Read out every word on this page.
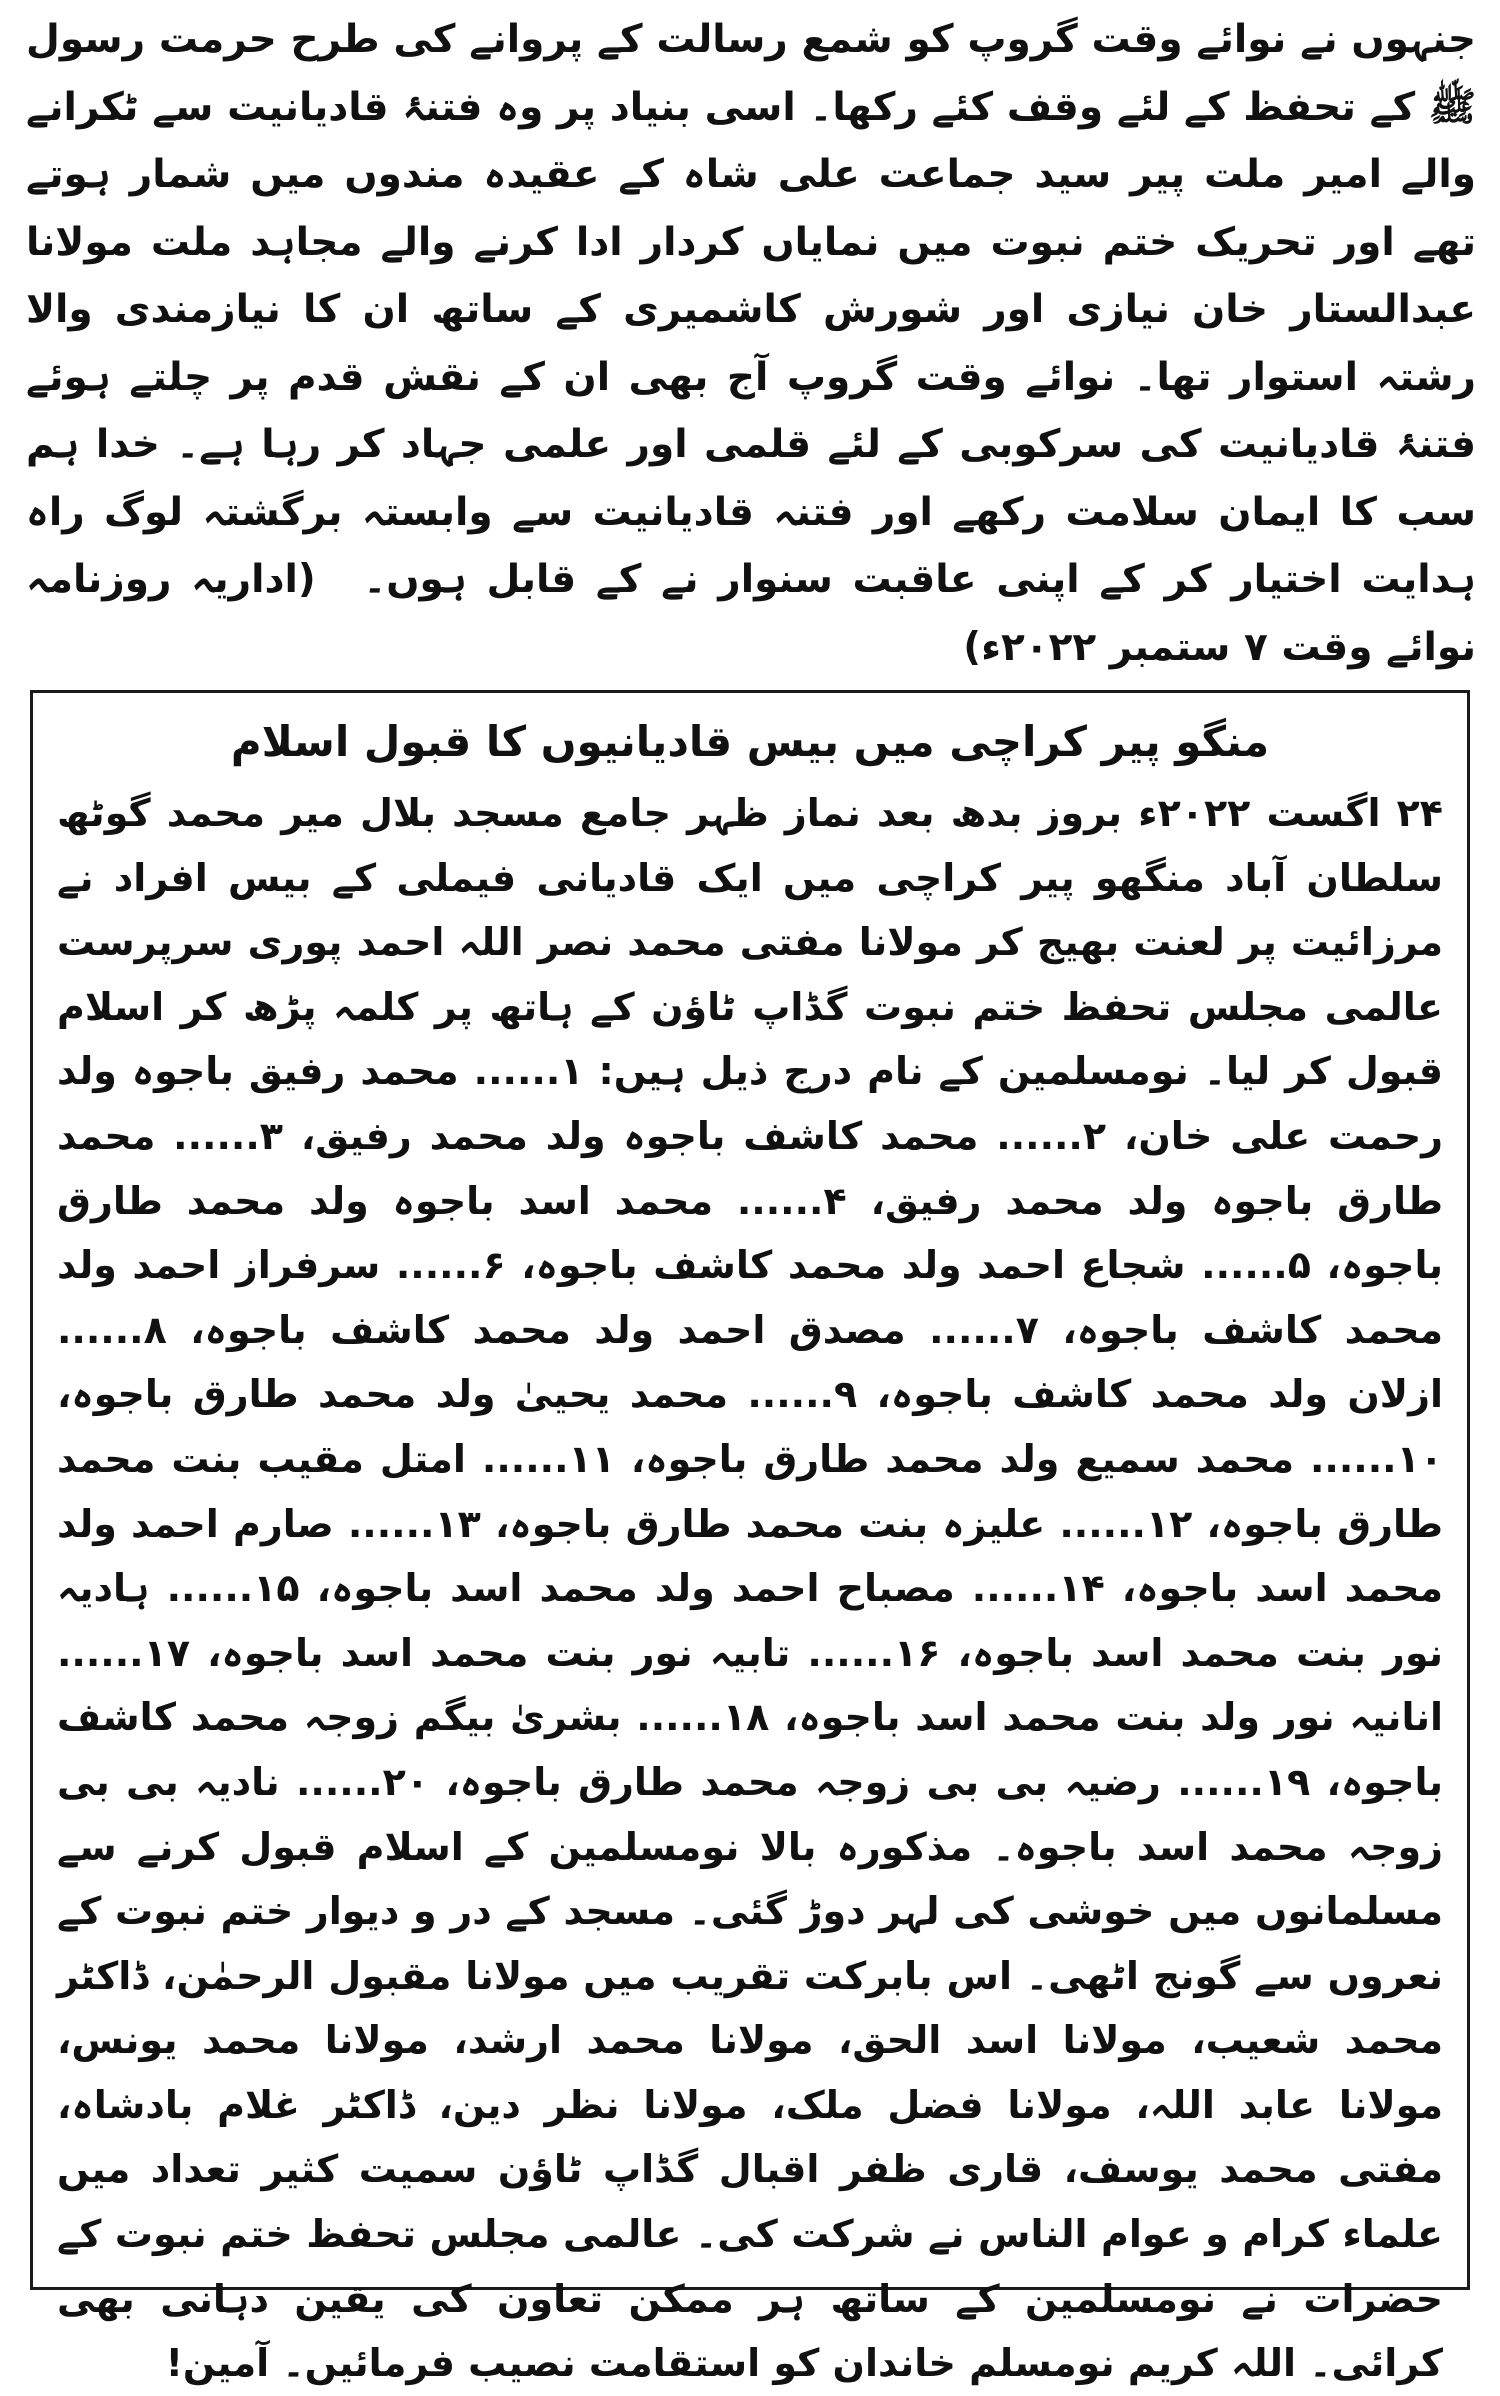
جنہوں نے نوائے وقت گروپ کو شمع رسالت کے پروانے کی طرح حرمت رسول ﷺ کے تحفظ کے لئے وقف کئے رکھا۔ اسی بنیاد پر وہ فتنۂ قادیانیت سے ٹکرانے والے امیر ملت پیر سید جماعت علی شاہ کے عقیدہ مندوں میں شمار ہوتے تھے اور تحریک ختم نبوت میں نمایاں کردار ادا کرنے والے مجاہد ملت مولانا عبدالستار خان نیازی اور شورش کاشمیری کے ساتھ ان کا نیازمندی والا رشتہ استوار تھا۔ نوائے وقت گروپ آج بھی ان کے نقش قدم پر چلتے ہوئے فتنۂ قادیانیت کی سرکوبی کے لئے قلمی اور علمی جہاد کر رہا ہے۔ خدا ہم سب کا ایمان سلامت رکھے اور فتنہ قادیانیت سے وابستہ برگشتہ لوگ راہ ہدایت اختیار کر کے اپنی عاقبت سنوار نے کے قابل ہوں۔ (اداریہ روزنامہ نوائے وقت ۷ ستمبر ۲۰۲۲ء)

منگو پیر کراچی میں بیس قادیانیوں کا قبول اسلام

۲۴ اگست ۲۰۲۲ء بروز بدھ بعد نماز ظہر جامع مسجد بلال میر محمد گوٹھ سلطان آباد منگھو پیر کراچی میں ایک قادیانی فیملی کے بیس افراد نے مرزائیت پر لعنت بھیج کر مولانا مفتی محمد نصر اللہ احمد پوری سرپرست عالمی مجلس تحفظ ختم نبوت گڈاپ ٹاؤن کے ہاتھ پر کلمہ پڑھ کر اسلام قبول کر لیا۔ نومسلمین کے نام درج ذیل ہیں: ۱...... محمد رفیق باجوہ ولد رحمت علی خان، ۲...... محمد کاشف باجوہ ولد محمد رفیق، ۳...... محمد طارق باجوہ ولد محمد رفیق، ۴...... محمد اسد باجوہ ولد محمد طارق باجوہ، ۵...... شجاع احمد ولد محمد کاشف باجوہ، ۶...... سرفراز احمد ولد محمد کاشف باجوہ، ۷...... مصدق احمد ولد محمد کاشف باجوہ، ۸...... ازلان ولد محمد کاشف باجوہ، ۹...... محمد یحییٰ ولد محمد طارق باجوہ، ۱۰...... محمد سمیع ولد محمد طارق باجوہ، ۱۱...... امتل مقیب بنت محمد طارق باجوہ، ۱۲...... علیزہ بنت محمد طارق باجوہ، ۱۳...... صارم احمد ولد محمد اسد باجوہ، ۱۴...... مصباح احمد ولد محمد اسد باجوہ، ۱۵...... ہادیہ نور بنت محمد اسد باجوہ، ۱۶...... تابیہ نور بنت محمد اسد باجوہ، ۱۷...... انانیہ نور ولد بنت محمد اسد باجوہ، ۱۸...... بشریٰ بیگم زوجہ محمد کاشف باجوہ، ۱۹...... رضیہ بی بی زوجہ محمد طارق باجوہ، ۲۰...... نادیہ بی بی زوجہ محمد اسد باجوہ۔ مذکورہ بالا نومسلمین کے اسلام قبول کرنے سے مسلمانوں میں خوشی کی لہر دوڑ گئی۔ مسجد کے در و دیوار ختم نبوت کے نعروں سے گونج اٹھی۔ اس بابرکت تقریب میں مولانا مقبول الرحمٰن، ڈاکٹر محمد شعیب، مولانا اسد الحق، مولانا محمد ارشد، مولانا محمد یونس، مولانا عابد اللہ، مولانا فضل ملک، مولانا نظر دین، ڈاکٹر غلام بادشاہ، مفتی محمد یوسف، قاری ظفر اقبال گڈاپ ٹاؤن سمیت کثیر تعداد میں علماء کرام و عوام الناس نے شرکت کی۔ عالمی مجلس تحفظ ختم نبوت کے حضرات نے نومسلمین کے ساتھ ہر ممکن تعاون کی یقین دہانی بھی کرائی۔ اللہ کریم نومسلم خاندان کو استقامت نصیب فرمائیں۔ آمین!
